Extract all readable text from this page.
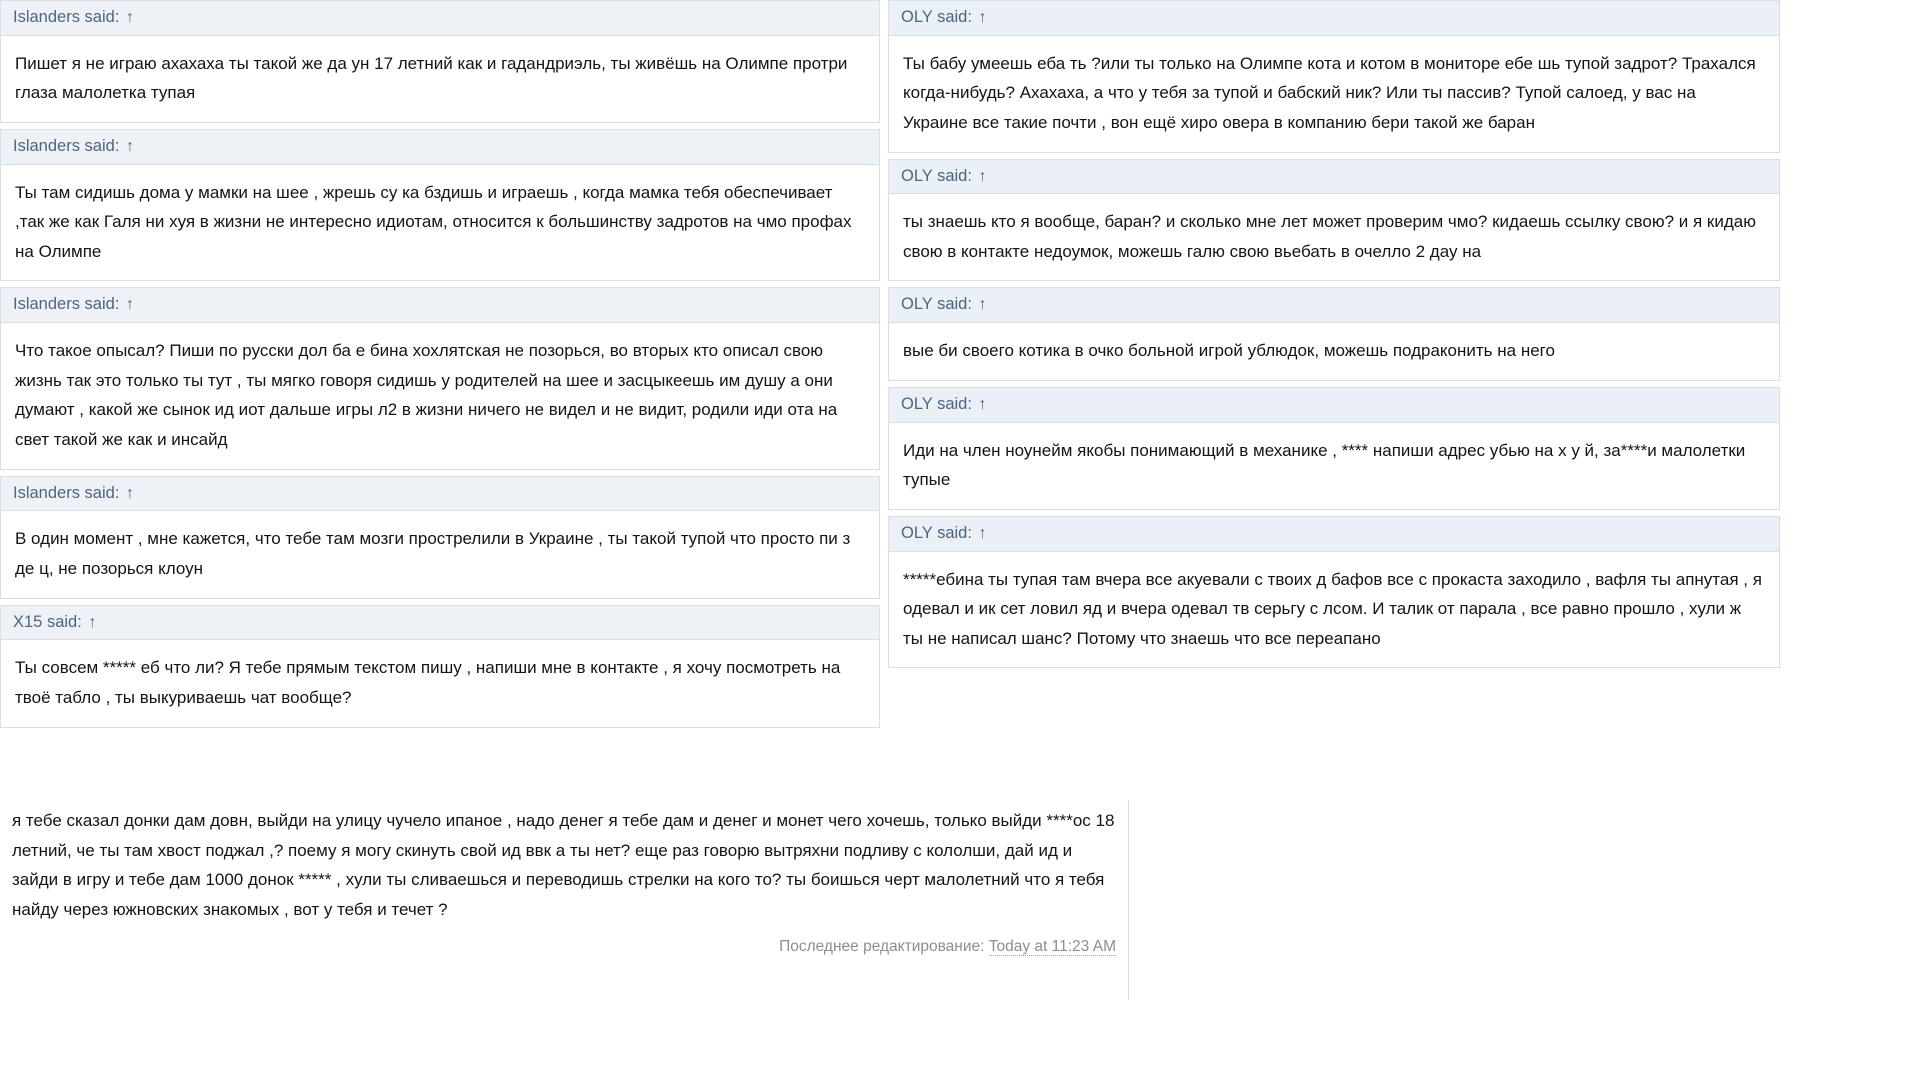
Islanders said: ↑

Пишет я не играю ахахаха ты такой же да ун 17 летний как и гадандриэль, ты живёшь на Олимпе протри глаза малолетка тупая

Islanders said: ↑

Ты там сидишь дома у мамки на шее , жрешь су ка бздишь и играешь , когда мамка тебя обеспечивает ,так же как Галя ни хуя в жизни не интересно идиотам, относится к большинству задротов на чмо профах на Олимпе

Islanders said: ↑

Что такое опысал? Пиши по русски дол ба е бина хохлятская не позорься, во вторых кто описал свою жизнь так это только ты тут , ты мягко говоря сидишь у родителей на шее и засцыкеешь им душу а они думают , какой же сынок ид иот дальше игры л2 в жизни ничего не видел и не видит, родили иди ота на свет такой же как и инсайд

Islanders said: ↑

В один момент , мне кажется, что тебе там мозги прострелили в Украине , ты такой тупой что просто пи з де ц, не позорься клоун

X15 said: ↑

Ты совсем ***** еб что ли? Я тебе прямым текстом пишу , напиши мне в контакте , я хочу посмотреть на твоё табло , ты выкуриваешь чат вообще?

OLY said: ↑

Ты бабу умеешь еба ть ?или ты только на Олимпе кота и котом в мониторе ебе шь тупой задрот? Трахался когда-нибудь? Ахахаха, а что у тебя за тупой и бабский ник? Или ты пассив? Тупой салоед, у вас на Украине все такие почти , вон ещё хиро овера в компанию бери такой же баран

OLY said: ↑

ты знаешь кто я вообще, баран? и сколько мне лет может проверим чмо? кидаешь ссылку свою? и я кидаю свою в контакте недоумок, можешь галю свою вьебать в очелло 2 дау на

OLY said: ↑

вые би своего котика в очко больной игрой ублюдок, можешь подраконить на него

OLY said: ↑

Иди на член ноунейм якобы понимающий в механике , **** напиши адрес убью на х у й, за****и малолетки тупые

OLY said: ↑

*****ебина ты тупая там вчера все акуевали с твоих д бафов все с прокаста заходило , вафля ты апнутая , я одевал и ик сет ловил яд и вчера одевал тв серьгу с лсом. И талик от парала , все равно прошло , хули ж ты не написал шанс? Потому что знаешь что все переапано

я тебе сказал донки дам довн, выйди на улицу чучело ипаное , надо денег я тебе дам и денег и монет чего хочешь, только выйди ****ос 18 летний, че ты там хвост поджал ,? поему я могу скинуть свой ид ввк а ты нет? еще раз говорю вытряхни подливу с кололши, дай ид и зайди в игру и тебе дам 1000 донок ***** , хули ты сливаешься и переводишь стрелки на кого то? ты боишься черт малолетний что я тебя найду через южновских знакомых , вот у тебя и течет ?

Последнее редактирование: Today at 11:23 AM
